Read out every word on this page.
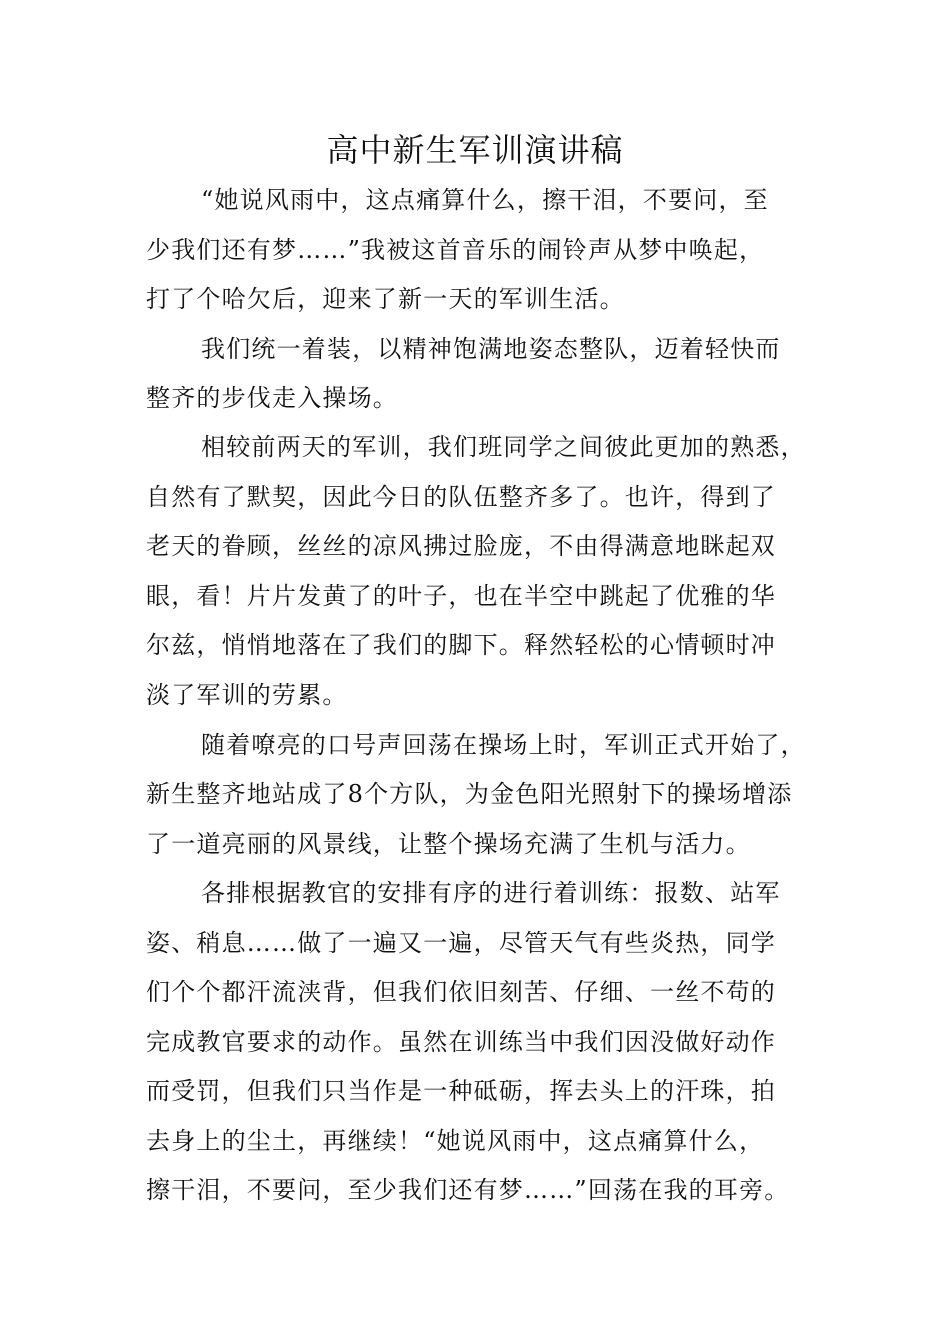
高中新生军训演讲稿
“她说风雨中，这点痛算什么，擦干泪，不要问，至
少我们还有梦……”我被这首音乐的闹铃声从梦中唤起，
打了个哈欠后，迎来了新一天的军训生活。
我们统一着装，以精神饱满地姿态整队，迈着轻快而
整齐的步伐走入操场。
相较前两天的军训，我们班同学之间彼此更加的熟悉，
自然有了默契，因此今日的队伍整齐多了。也许，得到了
老天的眷顾，丝丝的凉风拂过脸庞，不由得满意地眯起双
眼，看！片片发黄了的叶子，也在半空中跳起了优雅的华
尔兹，悄悄地落在了我们的脚下。释然轻松的心情顿时冲
淡了军训的劳累。
随着嘹亮的口号声回荡在操场上时，军训正式开始了，
新生整齐地站成了8个方队，为金色阳光照射下的操场增添
了一道亮丽的风景线，让整个操场充满了生机与活力。
各排根据教官的安排有序的进行着训练：报数、站军
姿、稍息……做了一遍又一遍，尽管天气有些炎热，同学
们个个都汗流浃背，但我们依旧刻苦、仔细、一丝不苟的
完成教官要求的动作。虽然在训练当中我们因没做好动作
而受罚，但我们只当作是一种砥砺，挥去头上的汗珠，拍
去身上的尘土，再继续！“她说风雨中，这点痛算什么，
擦干泪，不要问，至少我们还有梦……”回荡在我的耳旁。
